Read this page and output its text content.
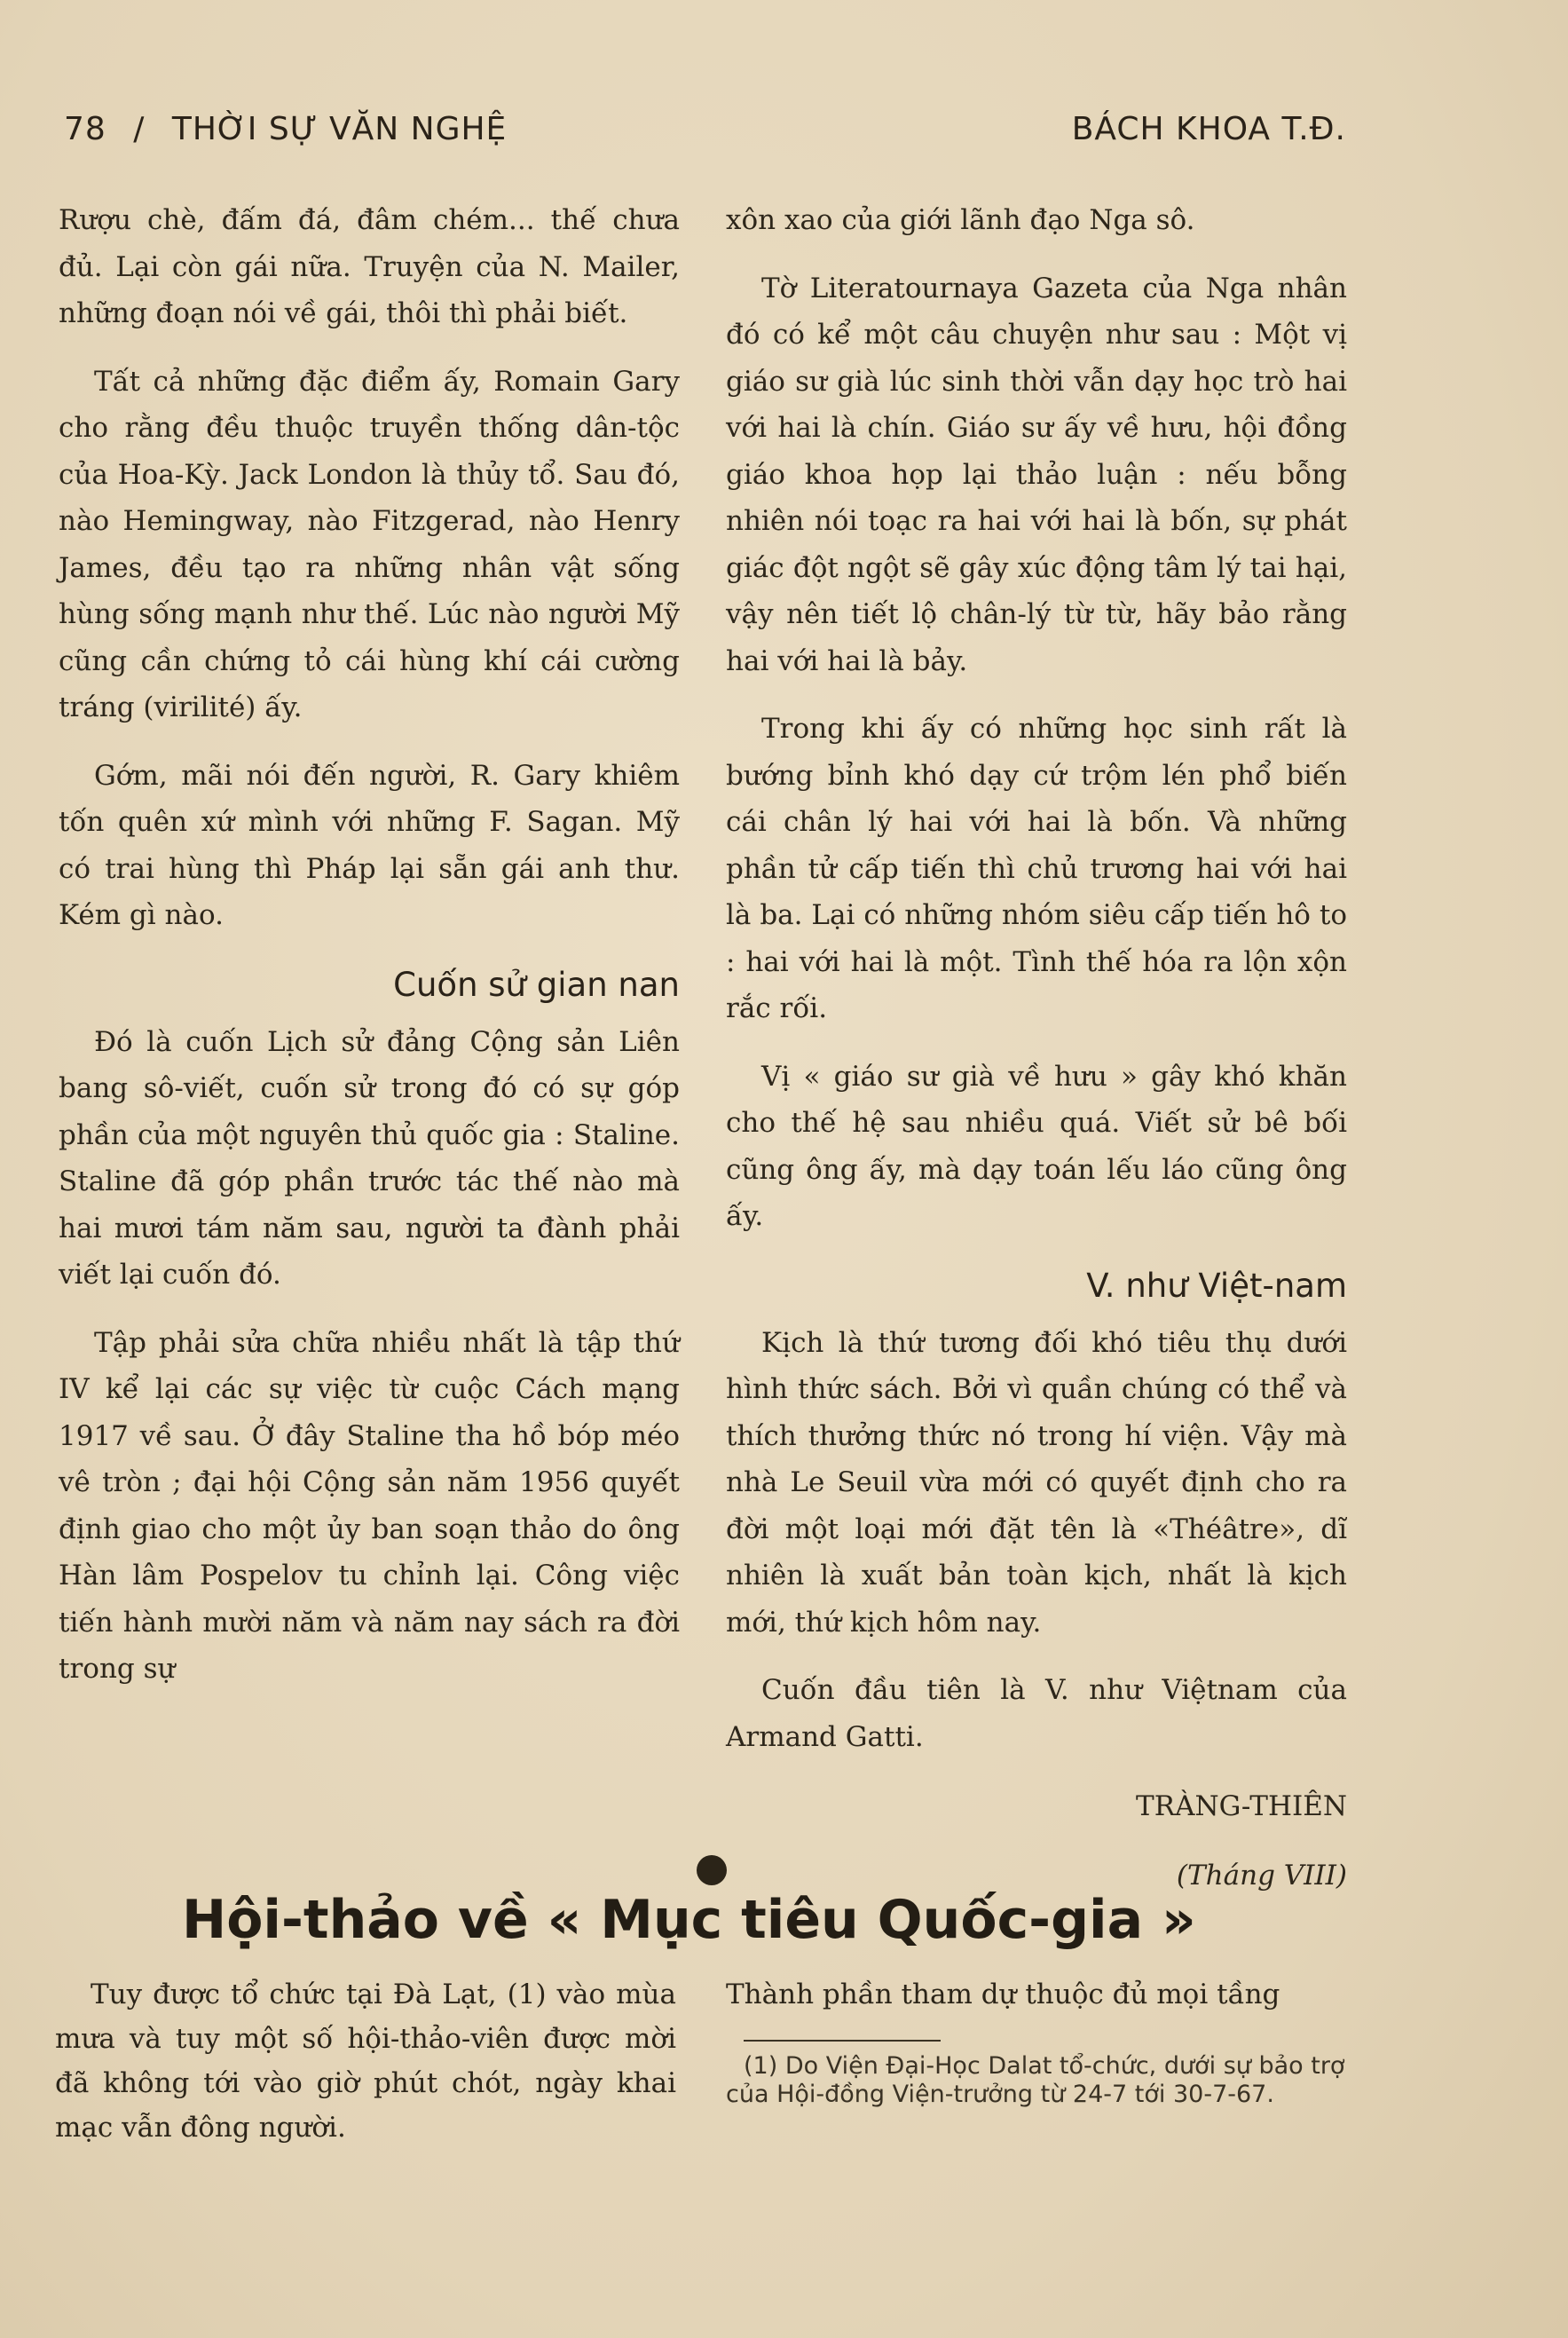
78 / THỜI SỰ VĂN NGHỆ	BÁCH KHOA T.Đ.

Rượu chè, đấm đá, đâm chém... thế chưa đủ. Lại còn gái nữa. Truyện của N. Mailer, những đoạn nói về gái, thôi thì phải biết.

Tất cả những đặc điểm ấy, Romain Gary cho rằng đều thuộc truyền thống dân-tộc của Hoa-Kỳ. Jack London là thủy tổ. Sau đó, nào Hemingway, nào Fitzgerad, nào Henry James, đều tạo ra những nhân vật sống hùng sống mạnh như thế. Lúc nào người Mỹ cũng cần chứng tỏ cái hùng khí cái cường tráng (virilité) ấy.

Gớm, mãi nói đến người, R. Gary khiêm tốn quên xứ mình với những F. Sagan. Mỹ có trai hùng thì Pháp lại sẵn gái anh thư. Kém gì nào.

Cuốn sử gian nan

Đó là cuốn Lịch sử đảng Cộng sản Liên bang sô-viết, cuốn sử trong đó có sự góp phần của một nguyên thủ quốc gia : Staline. Staline đã góp phần trước tác thế nào mà hai mươi tám năm sau, người ta đành phải viết lại cuốn đó.

Tập phải sửa chữa nhiều nhất là tập thứ IV kể lại các sự việc từ cuộc Cách mạng 1917 về sau. Ở đây Staline tha hồ bóp méo vê tròn ; đại hội Cộng sản năm 1956 quyết định giao cho một ủy ban soạn thảo do ông Hàn lâm Pospelov tu chỉnh lại. Công việc tiến hành mười năm và năm nay sách ra đời trong sự

xôn xao của giới lãnh đạo Nga sô.

Tờ Literatournaya Gazeta của Nga nhân đó có kể một câu chuyện như sau : Một vị giáo sư già lúc sinh thời vẫn dạy học trò hai với hai là chín. Giáo sư ấy về hưu, hội đồng giáo khoa họp lại thảo luận : nếu bỗng nhiên nói toạc ra hai với hai là bốn, sự phát giác đột ngột sẽ gây xúc động tâm lý tai hại, vậy nên tiết lộ chân-lý từ từ, hãy bảo rằng hai với hai là bảy.

Trong khi ấy có những học sinh rất là bướng bỉnh khó dạy cứ trộm lén phổ biến cái chân lý hai với hai là bốn. Và những phần tử cấp tiến thì chủ trương hai với hai là ba. Lại có những nhóm siêu cấp tiến hô to : hai với hai là một. Tình thế hóa ra lộn xộn rắc rối.

Vị « giáo sư già về hưu » gây khó khăn cho thế hệ sau nhiều quá. Viết sử bê bối cũng ông ấy, mà dạy toán lếu láo cũng ông ấy.

V. như Việt-nam

Kịch là thứ tương đối khó tiêu thụ dưới hình thức sách. Bởi vì quần chúng có thể và thích thưởng thức nó trong hí viện. Vậy mà nhà Le Seuil vừa mới có quyết định cho ra đời một loại mới đặt tên là «Théâtre», dĩ nhiên là xuất bản toàn kịch, nhất là kịch mới, thứ kịch hôm nay.

Cuốn đầu tiên là V. như Việtnam của Armand Gatti.

TRÀNG-THIÊN

(Tháng VIII)

Hội-thảo về « Mục tiêu Quốc-gia »

Tuy được tổ chức tại Đà Lạt, (1) vào mùa mưa và tuy một số hội-thảo-viên được mời đã không tới vào giờ phút chót, ngày khai mạc vẫn đông người.

Thành phần tham dự thuộc đủ mọi tầng

(1) Do Viện Đại-Học Dalat tổ-chức, dưới sự bảo trợ của Hội-đồng Viện-trưởng từ 24-7 tới 30-7-67.
